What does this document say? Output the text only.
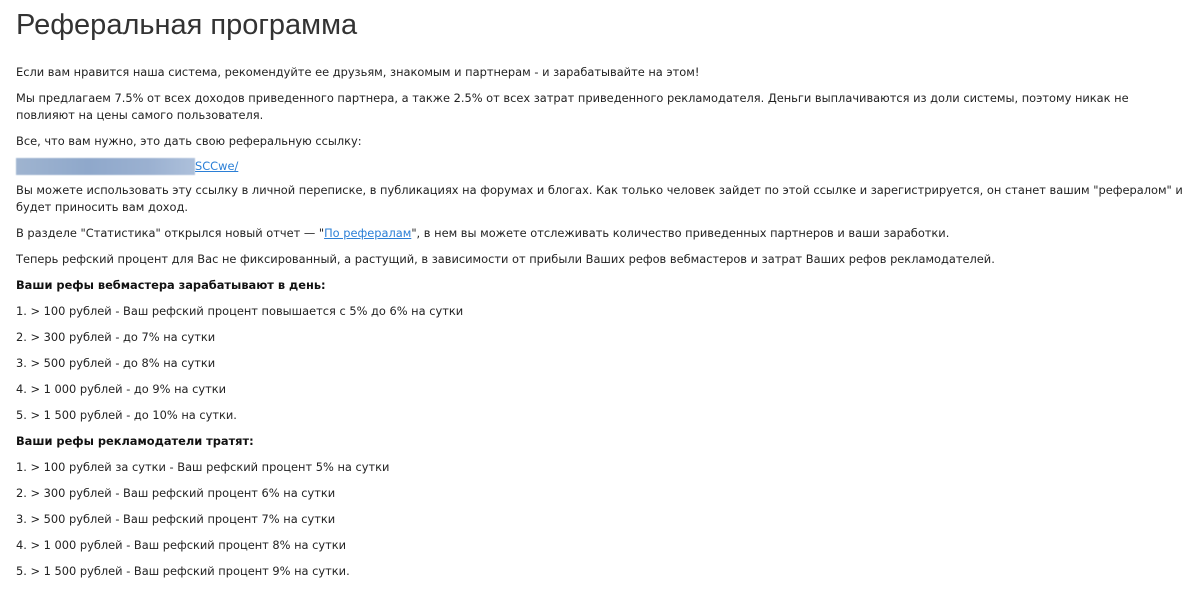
Реферальная программа

Если вам нравится наша система, рекомендуйте ее друзьям, знакомым и партнерам - и зарабатывайте на этом!

Мы предлагаем 7.5% от всех доходов приведенного партнера, а также 2.5% от всех затрат приведенного рекламодателя. Деньги выплачиваются из доли системы, поэтому никак не повлияют на цены самого пользователя.

Все, что вам нужно, это дать свою реферальную ссылку:

SCCwe/

Вы можете использовать эту ссылку в личной переписке, в публикациях на форумах и блогах. Как только человек зайдет по этой ссылке и зарегистрируется, он станет вашим "рефералом" и будет приносить вам доход.

В разделе "Статистика" открылся новый отчет — "По рефералам", в нем вы можете отслеживать количество приведенных партнеров и ваши заработки.

Теперь рефский процент для Вас не фиксированный, а растущий, в зависимости от прибыли Ваших рефов вебмастеров и затрат Ваших рефов рекламодателей.

Ваши рефы вебмастера зарабатывают в день:
1. > 100 рублей - Ваш рефский процент повышается с 5% до 6% на сутки
2. > 300 рублей - до 7% на сутки
3. > 500 рублей - до 8% на сутки
4. > 1 000 рублей - до 9% на сутки
5. > 1 500 рублей - до 10% на сутки.
Ваши рефы рекламодатели тратят:
1. > 100 рублей за сутки - Ваш рефский процент 5% на сутки
2. > 300 рублей - Ваш рефский процент 6% на сутки
3. > 500 рублей - Ваш рефский процент 7% на сутки
4. > 1 000 рублей - Ваш рефский процент 8% на сутки
5. > 1 500 рублей - Ваш рефский процент 9% на сутки.
